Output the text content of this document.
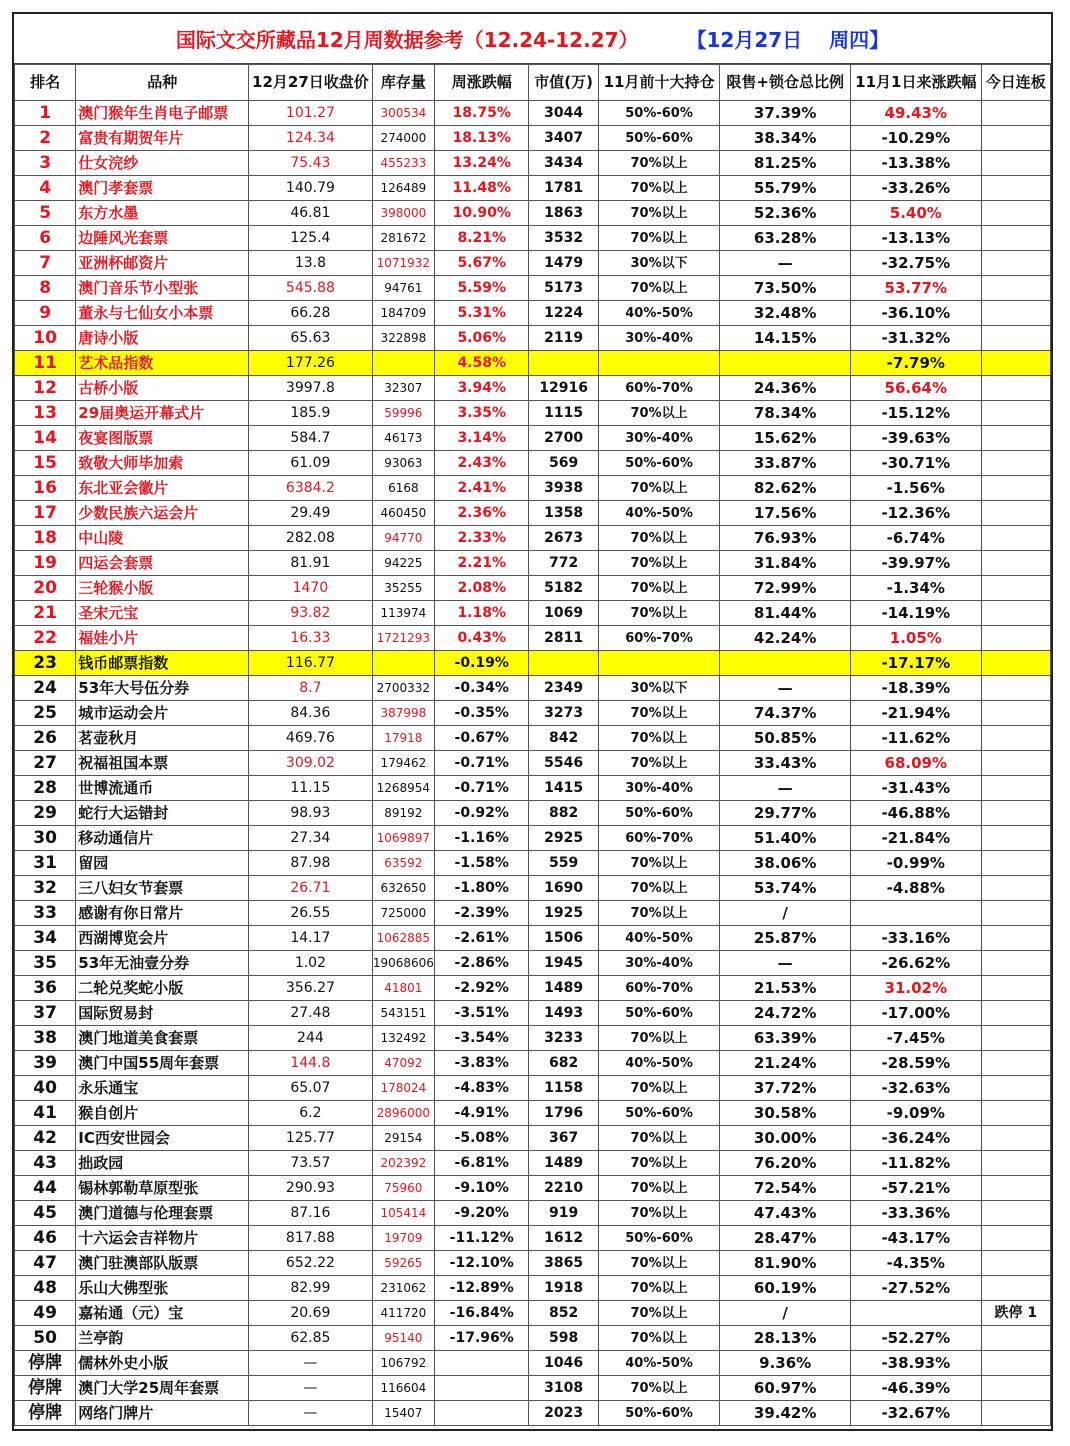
国际文交所藏品12月周数据参考（12.24-12.27） 【12月27日　 周四】
排名	品种	12月27日收盘价	库存量	周涨跌幅	市值(万)	11月前十大持仓	限售+锁仓总比例	11月1日来涨跌幅	今日连板
1	澳门猴年生肖电子邮票	101.27	300534	18.75%	3044	50%-60%	37.39%	49.43%	
2	富贵有期贺年片	124.34	274000	18.13%	3407	50%-60%	38.34%	-10.29%	
3	仕女浣纱	75.43	455233	13.24%	3434	70%以上	81.25%	-13.38%	
4	澳门孝套票	140.79	126489	11.48%	1781	70%以上	55.79%	-33.26%	
5	东方水墨	46.81	398000	10.90%	1863	70%以上	52.36%	5.40%	
6	边陲风光套票	125.4	281672	8.21%	3532	70%以上	63.28%	-13.13%	
7	亚洲杯邮资片	13.8	1071932	5.67%	1479	30%以下	—	-32.75%	
8	澳门音乐节小型张	545.88	94761	5.59%	5173	70%以上	73.50%	53.77%	
9	董永与七仙女小本票	66.28	184709	5.31%	1224	40%-50%	32.48%	-36.10%	
10	唐诗小版	65.63	322898	5.06%	2119	30%-40%	14.15%	-31.32%	
11	艺术品指数	177.26		4.58%				-7.79%	
12	古桥小版	3997.8	32307	3.94%	12916	60%-70%	24.36%	56.64%	
13	29届奥运开幕式片	185.9	59996	3.35%	1115	70%以上	78.34%	-15.12%	
14	夜宴图版票	584.7	46173	3.14%	2700	30%-40%	15.62%	-39.63%	
15	致敬大师毕加索	61.09	93063	2.43%	569	50%-60%	33.87%	-30.71%	
16	东北亚会徽片	6384.2	6168	2.41%	3938	70%以上	82.62%	-1.56%	
17	少数民族六运会片	29.49	460450	2.36%	1358	40%-50%	17.56%	-12.36%	
18	中山陵	282.08	94770	2.33%	2673	70%以上	76.93%	-6.74%	
19	四运会套票	81.91	94225	2.21%	772	70%以上	31.84%	-39.97%	
20	三轮猴小版	1470	35255	2.08%	5182	70%以上	72.99%	-1.34%	
21	圣宋元宝	93.82	113974	1.18%	1069	70%以上	81.44%	-14.19%	
22	福娃小片	16.33	1721293	0.43%	2811	60%-70%	42.24%	1.05%	
23	钱币邮票指数	116.77		-0.19%				-17.17%	
24	53年大号伍分券	8.7	2700332	-0.34%	2349	30%以下	—	-18.39%	
25	城市运动会片	84.36	387998	-0.35%	3273	70%以上	74.37%	-21.94%	
26	茗壶秋月	469.76	17918	-0.67%	842	70%以上	50.85%	-11.62%	
27	祝福祖国本票	309.02	179462	-0.71%	5546	70%以上	33.43%	68.09%	
28	世博流通币	11.15	1268954	-0.71%	1415	30%-40%	—	-31.43%	
29	蛇行大运错封	98.93	89192	-0.92%	882	50%-60%	29.77%	-46.88%	
30	移动通信片	27.34	1069897	-1.16%	2925	60%-70%	51.40%	-21.84%	
31	留园	87.98	63592	-1.58%	559	70%以上	38.06%	-0.99%	
32	三八妇女节套票	26.71	632650	-1.80%	1690	70%以上	53.74%	-4.88%	
33	感谢有你日常片	26.55	725000	-2.39%	1925	70%以上	/		
34	西湖博览会片	14.17	1062885	-2.61%	1506	40%-50%	25.87%	-33.16%	
35	53年无油壹分券	1.02	19068606	-2.86%	1945	30%-40%	—	-26.62%	
36	二轮兑奖蛇小版	356.27	41801	-2.92%	1489	60%-70%	21.53%	31.02%	
37	国际贸易封	27.48	543151	-3.51%	1493	50%-60%	24.72%	-17.00%	
38	澳门地道美食套票	244	132492	-3.54%	3233	70%以上	63.39%	-7.45%	
39	澳门中国55周年套票	144.8	47092	-3.83%	682	40%-50%	21.24%	-28.59%	
40	永乐通宝	65.07	178024	-4.83%	1158	70%以上	37.72%	-32.63%	
41	猴自创片	6.2	2896000	-4.91%	1796	50%-60%	30.58%	-9.09%	
42	IC西安世园会	125.77	29154	-5.08%	367	70%以上	30.00%	-36.24%	
43	拙政园	73.57	202392	-6.81%	1489	70%以上	76.20%	-11.82%	
44	锡林郭勒草原型张	290.93	75960	-9.10%	2210	70%以上	72.54%	-57.21%	
45	澳门道德与伦理套票	87.16	105414	-9.20%	919	70%以上	47.43%	-33.36%	
46	十六运会吉祥物片	817.88	19709	-11.12%	1612	50%-60%	28.47%	-43.17%	
47	澳门驻澳部队版票	652.22	59265	-12.10%	3865	70%以上	81.90%	-4.35%	
48	乐山大佛型张	82.99	231062	-12.89%	1918	70%以上	60.19%	-27.52%	
49	嘉祐通（元）宝	20.69	411720	-16.84%	852	70%以上	/		跌停 1
50	兰亭韵	62.85	95140	-17.96%	598	70%以上	28.13%	-52.27%	
停牌	儒林外史小版	—	106792		1046	40%-50%	9.36%	-38.93%	
停牌	澳门大学25周年套票	—	116604		3108	70%以上	60.97%	-46.39%	
停牌	网络门牌片	—	15407		2023	50%-60%	39.42%	-32.67%	
